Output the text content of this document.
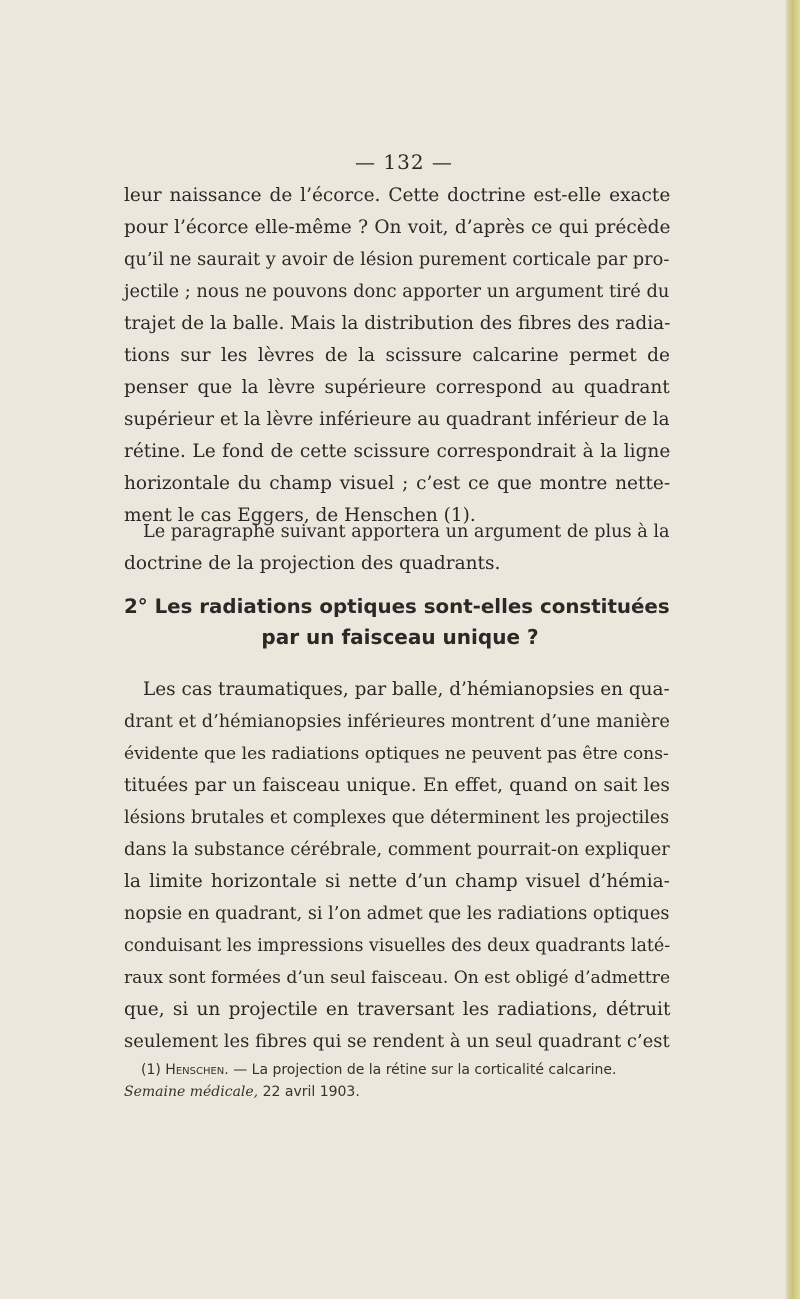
— 132 —
leur naissance de l’écorce. Cette doctrine est-elle exacte
pour l’écorce elle-même ? On voit, d’après ce qui précède
qu’il ne saurait y avoir de lésion purement corticale par pro-
jectile ; nous ne pouvons donc apporter un argument tiré du
trajet de la balle. Mais la distribution des fibres des radia-
tions sur les lèvres de la scissure calcarine permet de
penser que la lèvre supérieure correspond au quadrant
supérieur et la lèvre inférieure au quadrant inférieur de la
rétine. Le fond de cette scissure correspondrait à la ligne
horizontale du champ visuel ; c’est ce que montre nette-
ment le cas Eggers, de Henschen (1).
Le paragraphe suivant apportera un argument de plus à la
doctrine de la projection des quadrants.
2° Les radiations optiques sont-elles constituées
par un faisceau unique ?
Les cas traumatiques, par balle, d’hémianopsies en qua-
drant et d’hémianopsies inférieures montrent d’une manière
évidente que les radiations optiques ne peuvent pas être cons-
tituées par un faisceau unique. En effet, quand on sait les
lésions brutales et complexes que déterminent les projectiles
dans la substance cérébrale, comment pourrait-on expliquer
la limite horizontale si nette d’un champ visuel d’hémia-
nopsie en quadrant, si l’on admet que les radiations optiques
conduisant les impressions visuelles des deux quadrants laté-
raux sont formées d’un seul faisceau. On est obligé d’admettre
que, si un projectile en traversant les radiations, détruit
seulement les fibres qui se rendent à un seul quadrant c’est
(1) Henschen. — La projection de la rétine sur la corticalité calcarine.
Semaine médicale, 22 avril 1903.
